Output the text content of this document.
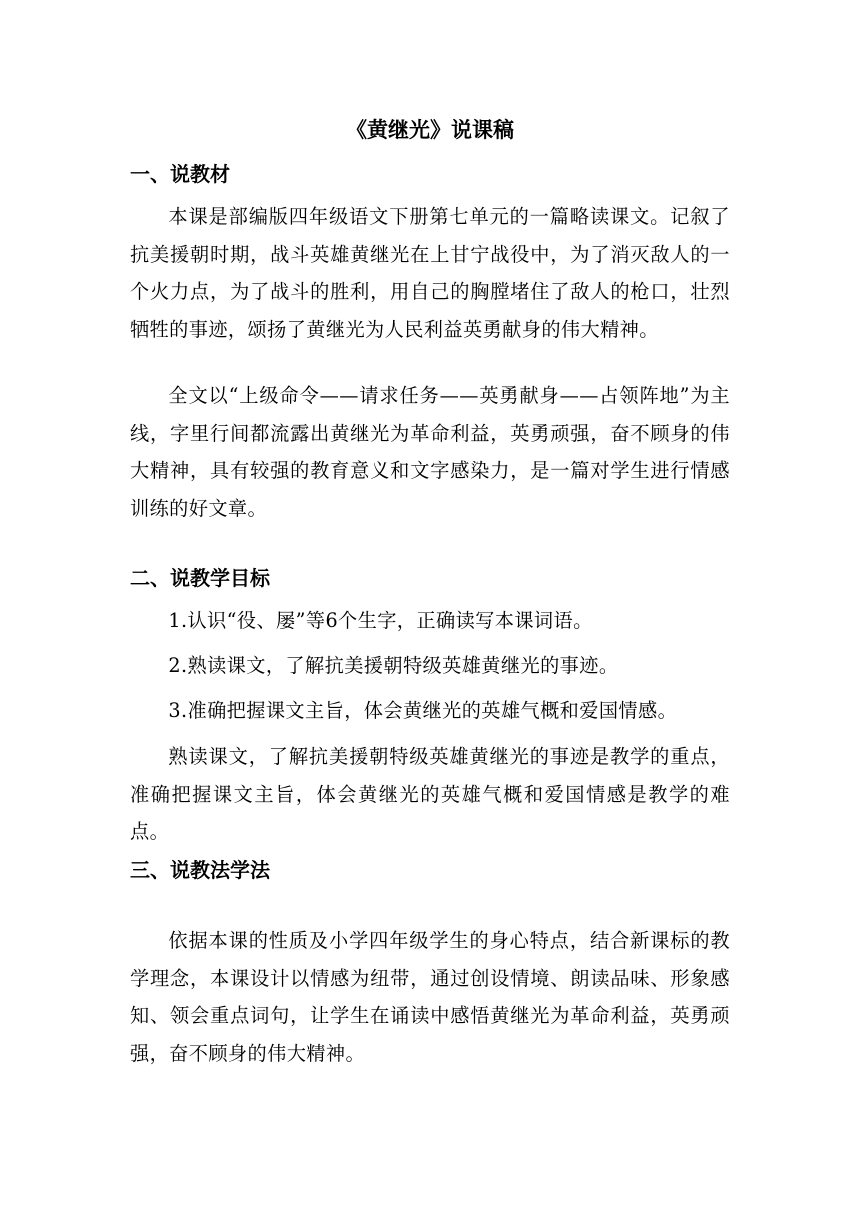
《黄继光》说课稿
一、说教材

本课是部编版四年级语文下册第七单元的一篇略读课文。记叙了抗美援朝时期，战斗英雄黄继光在上甘宁战役中，为了消灭敌人的一个火力点，为了战斗的胜利，用自己的胸膛堵住了敌人的枪口，壮烈牺牲的事迹，颂扬了黄继光为人民利益英勇献身的伟大精神。

全文以“上级命令——请求任务——英勇献身——占领阵地”为主线，字里行间都流露出黄继光为革命利益，英勇顽强，奋不顾身的伟大精神，具有较强的教育意义和文字感染力，是一篇对学生进行情感训练的好文章。

二、说教学目标

1.认识“役、屡”等6个生字，正确读写本课词语。

2.熟读课文，了解抗美援朝特级英雄黄继光的事迹。

3.准确把握课文主旨，体会黄继光的英雄气概和爱国情感。

熟读课文，了解抗美援朝特级英雄黄继光的事迹是教学的重点，准确把握课文主旨，体会黄继光的英雄气概和爱国情感是教学的难点。

三、说教法学法

依据本课的性质及小学四年级学生的身心特点，结合新课标的教学理念，本课设计以情感为纽带，通过创设情境、朗读品味、形象感知、领会重点词句，让学生在诵读中感悟黄继光为革命利益，英勇顽强，奋不顾身的伟大精神。
